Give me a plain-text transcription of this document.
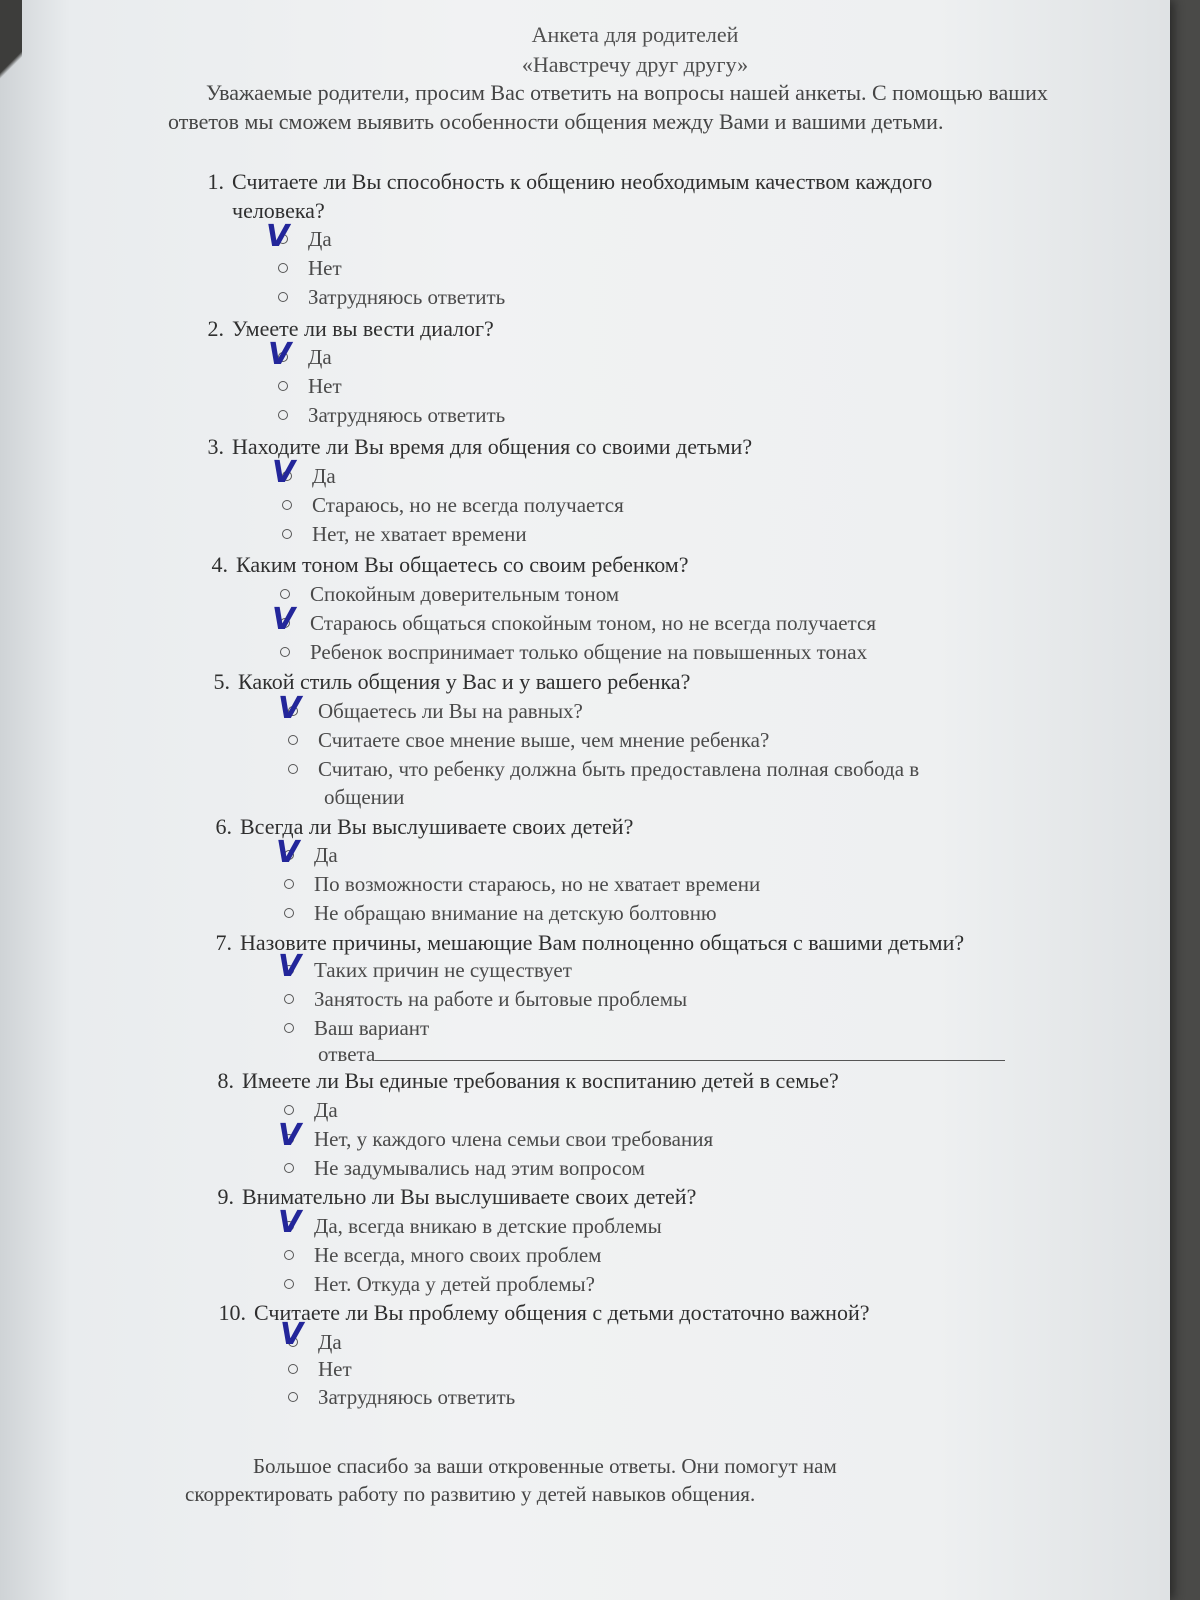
Анкета для родителей
«Навстречу друг другу»
Уважаемые родители, просим Вас ответить на вопросы нашей анкеты. С помощью ваших ответов мы сможем выявить особенности общения между Вами и вашими детьми.
1. Считаете ли Вы способность к общению необходимым качеством каждого
человека?
Да
V
Нет
Затрудняюсь ответить
2. Умеете ли вы вести диалог?
Да
V
Нет
Затрудняюсь ответить
3. Находите ли Вы время для общения со своими детьми?
Да
V
Стараюсь, но не всегда получается
Нет, не хватает времени
4. Каким тоном Вы общаетесь со своим ребенком?
Спокойным доверительным тоном
Стараюсь общаться спокойным тоном, но не всегда получается
V
Ребенок воспринимает только общение на повышенных тонах
5. Какой стиль общения у Вас и у вашего ребенка?
Общаетесь ли Вы на равных?
V
Считаете свое мнение выше, чем мнение ребенка?
Считаю, что ребенку должна быть предоставлена полная свобода в
общении
6. Всегда ли Вы выслушиваете своих детей?
Да
V
По возможности стараюсь, но не хватает времени
Не обращаю внимание на детскую болтовню
7. Назовите причины, мешающие Вам полноценно общаться с вашими детьми?
Таких причин не существует
V
Занятость на работе и бытовые проблемы
Ваш вариант
ответа
8. Имеете ли Вы единые требования к воспитанию детей в семье?
Да
Нет, у каждого члена семьи свои требования
V
Не задумывались над этим вопросом
9. Внимательно ли Вы выслушиваете своих детей?
Да, всегда вникаю в детские проблемы
V
Не всегда, много своих проблем
Нет. Откуда у детей проблемы?
10. Считаете ли Вы проблему общения с детьми достаточно важной?
Да
V
Нет
Затрудняюсь ответить
Большое спасибо за ваши откровенные ответы. Они помогут нам скорректировать работу по развитию у детей навыков общения.
